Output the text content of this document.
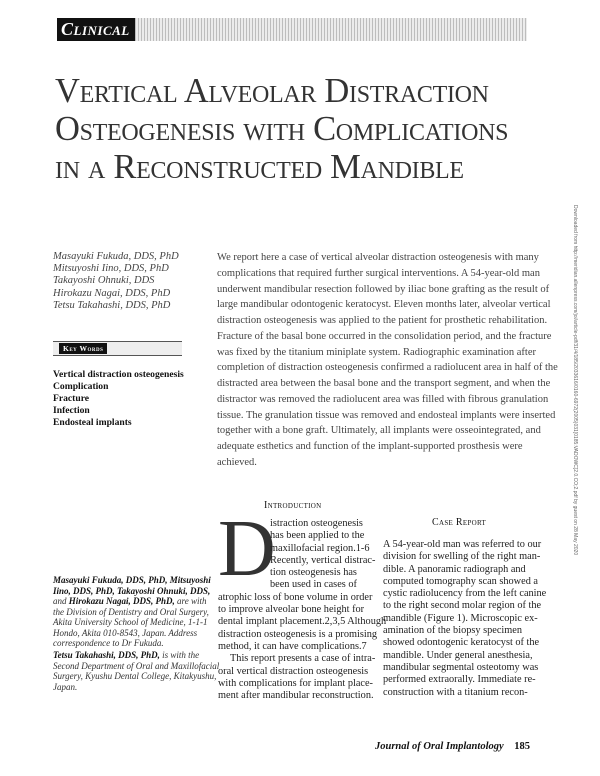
Clinical
Vertical Alveolar Distraction Osteogenesis with Complications in a Reconstructed Mandible
Downloaded from http://meridian.allenpress.com/joi/article-pdf/31/4/185/2033616/0160-6972(2005)031[0185:VADOWC]2.0.CO;2.pdf by guest on 28 May 2020
Masayuki Fukuda, DDS, PhD
Mitsuyoshi Iino, DDS, PhD
Takayoshi Ohnuki, DDS
Hirokazu Nagai, DDS, PhD
Tetsu Takahashi, DDS, PhD
Key Words
Vertical distraction osteogenesis
Complication
Fracture
Infection
Endosteal implants

We report here a case of vertical alveolar distraction osteogenesis with many
complications that required further surgical interventions. A 54-year-old man
underwent mandibular resection followed by iliac bone grafting as the result of
large mandibular odontogenic keratocyst. Eleven months later, alveolar vertical
distraction osteogenesis was applied to the patient for prosthetic rehabilitation.
Fracture of the basal bone occurred in the consolidation period, and the fracture
was fixed by the titanium miniplate system. Radiographic examination after
completion of distraction osteogenesis confirmed a radiolucent area in half of the
distracted area between the basal bone and the transport segment, and when the
distractor was removed the radiolucent area was filled with fibrous granulation
tissue. The granulation tissue was removed and endosteal implants were inserted
together with a bone graft. Ultimately, all implants were osseointegrated, and
adequate esthetics and function of the implant-supported prosthesis were
achieved.

Masayuki Fukuda, DDS, PhD, Mitsuyoshi
Iino, DDS, PhD, Takayoshi Ohnuki, DDS,
and Hirokazu Nagai, DDS, PhD, are with
the Division of Dentistry and Oral Surgery,
Akita University School of Medicine, 1-1-1
Hondo, Akita 010-8543, Japan. Address
correspondence to Dr Fukuda.

Tetsu Takahashi, DDS, PhD, is with the
Second Department of Oral and Maxillofacial
Surgery, Kyushu Dental College, Kitakyushu,
Japan.

Introduction
D
istraction osteogenesis
has been applied to the
maxillofacial region.1-6
Recently, vertical distrac-
tion osteogenesis has
been used in cases of
atrophic loss of bone volume in order
to improve alveolar bone height for
dental implant placement.2,3,5 Although
distraction osteogenesis is a promising
method, it can have complications.7
This report presents a case of intra-
oral vertical distraction osteogenesis
with complications for implant place-
ment after mandibular reconstruction.
Case Report
A 54-year-old man was referred to our
division for swelling of the right man-
dible. A panoramic radiograph and
computed tomography scan showed a
cystic radiolucency from the left canine
to the right second molar region of the
mandible (Figure 1). Microscopic ex-
amination of the biopsy specimen
showed odontogenic keratocyst of the
mandible. Under general anesthesia,
mandibular segmental osteotomy was
performed extraorally. Immediate re-
construction with a titanium recon-
Journal of Oral Implantology 185
